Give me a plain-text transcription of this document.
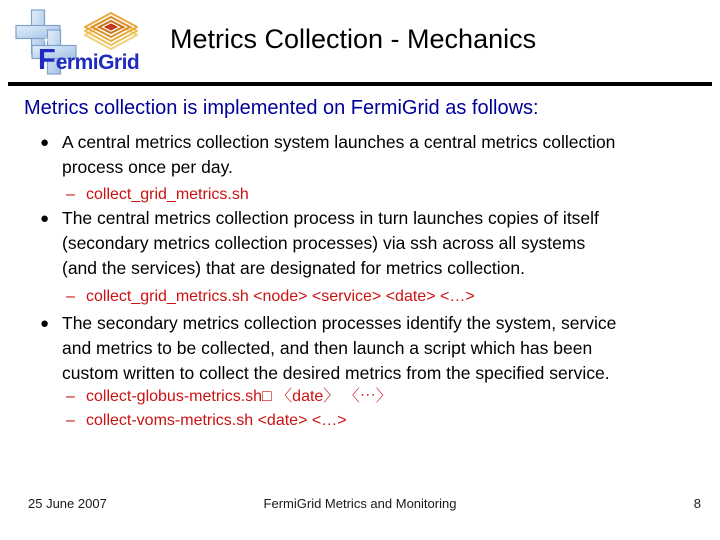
FermiGrid
Metrics Collection - Mechanics
Metrics collection is implemented on FermiGrid as follows:
● A central metrics collection system launches a central metrics collection
process once per day.
– collect_grid_metrics.sh
● The central metrics collection process in turn launches copies of itself
(secondary metrics collection processes) via ssh across all systems
(and the services) that are designated for metrics collection.
– collect_grid_metrics.sh <node> <service> <date> <…>
● The secondary metrics collection processes identify the system, service
and metrics to be collected, and then launch a script which has been
custom written to collect the desired metrics from the specified service.
– collect-globus-metrics.sh□ 〈date〉 〈⋯〉
– collect-voms-metrics.sh <date> <…>
25 June 2007	FermiGrid Metrics and Monitoring	8
